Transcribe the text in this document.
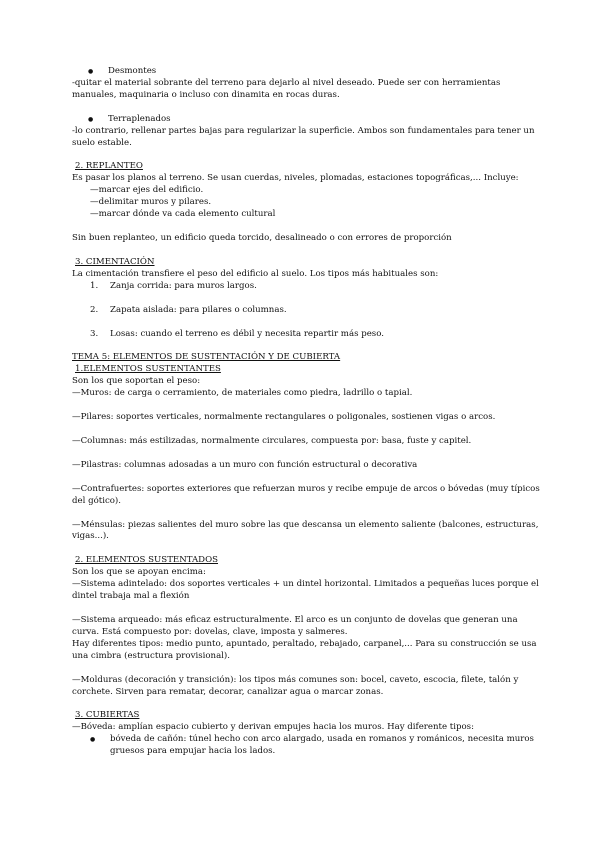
● Desmontes

-quitar el material sobrante del terreno para dejarlo al nivel deseado. Puede ser con herramientas manuales, maquinaria o incluso con dinamita en rocas duras.

● Terraplenados

-lo contrario, rellenar partes bajas para regularizar la superficie. Ambos son fundamentales para tener un suelo estable.

2. REPLANTEO

Es pasar los planos al terreno. Se usan cuerdas, niveles, plomadas, estaciones topográficas,... Incluye:

—marcar ejes del edificio.
—delimitar muros y pilares.
—marcar dónde va cada elemento cultural

Sin buen replanteo, un edificio queda torcido, desalineado o con errores de proporción

3. CIMENTACIÓN

La cimentación transfiere el peso del edificio al suelo. Los tipos más habituales son:

1. Zanja corrida: para muros largos.
2. Zapata aislada: para pilares o columnas.
3. Losas: cuando el terreno es débil y necesita repartir más peso.
TEMA 5: ELEMENTOS DE SUSTENTACIÓN Y DE CUBIERTA
1.ELEMENTOS SUSTENTANTES

Son los que soportan el peso:

—Muros: de carga o cerramiento, de materiales como piedra, ladrillo o tapial.

—Pilares: soportes verticales, normalmente rectangulares o poligonales, sostienen vigas o arcos.

—Columnas: más estilizadas, normalmente circulares, compuesta por: basa, fuste y capitel.

—Pilastras: columnas adosadas a un muro con función estructural o decorativa

—Contrafuertes: soportes exteriores que refuerzan muros y recibe empuje de arcos o bóvedas (muy típicos del gótico).

—Ménsulas: piezas salientes del muro sobre las que descansa un elemento saliente (balcones, estructuras, vigas...).

2. ELEMENTOS SUSTENTADOS

Son los que se apoyan encima:

—Sistema adintelado: dos soportes verticales + un dintel horizontal. Limitados a pequeñas luces porque el dintel trabaja mal a flexión

—Sistema arqueado: más eficaz estructuralmente. El arco es un conjunto de dovelas que generan una curva. Está compuesto por: dovelas, clave, imposta y salmeres.

Hay diferentes tipos: medio punto, apuntado, peraltado, rebajado, carpanel,... Para su construcción se usa una cimbra (estructura provisional).

—Molduras (decoración y transición): los tipos más comunes son: bocel, caveto, escocia, filete, talón y corchete. Sirven para rematar, decorar, canalizar agua o marcar zonas.

3. CUBIERTAS

—Bóveda: amplían espacio cubierto y derivan empujes hacia los muros. Hay diferente tipos:

● bóveda de cañón: túnel hecho con arco alargado, usada en romanos y románicos, necesita muros gruesos para empujar hacia los lados.
